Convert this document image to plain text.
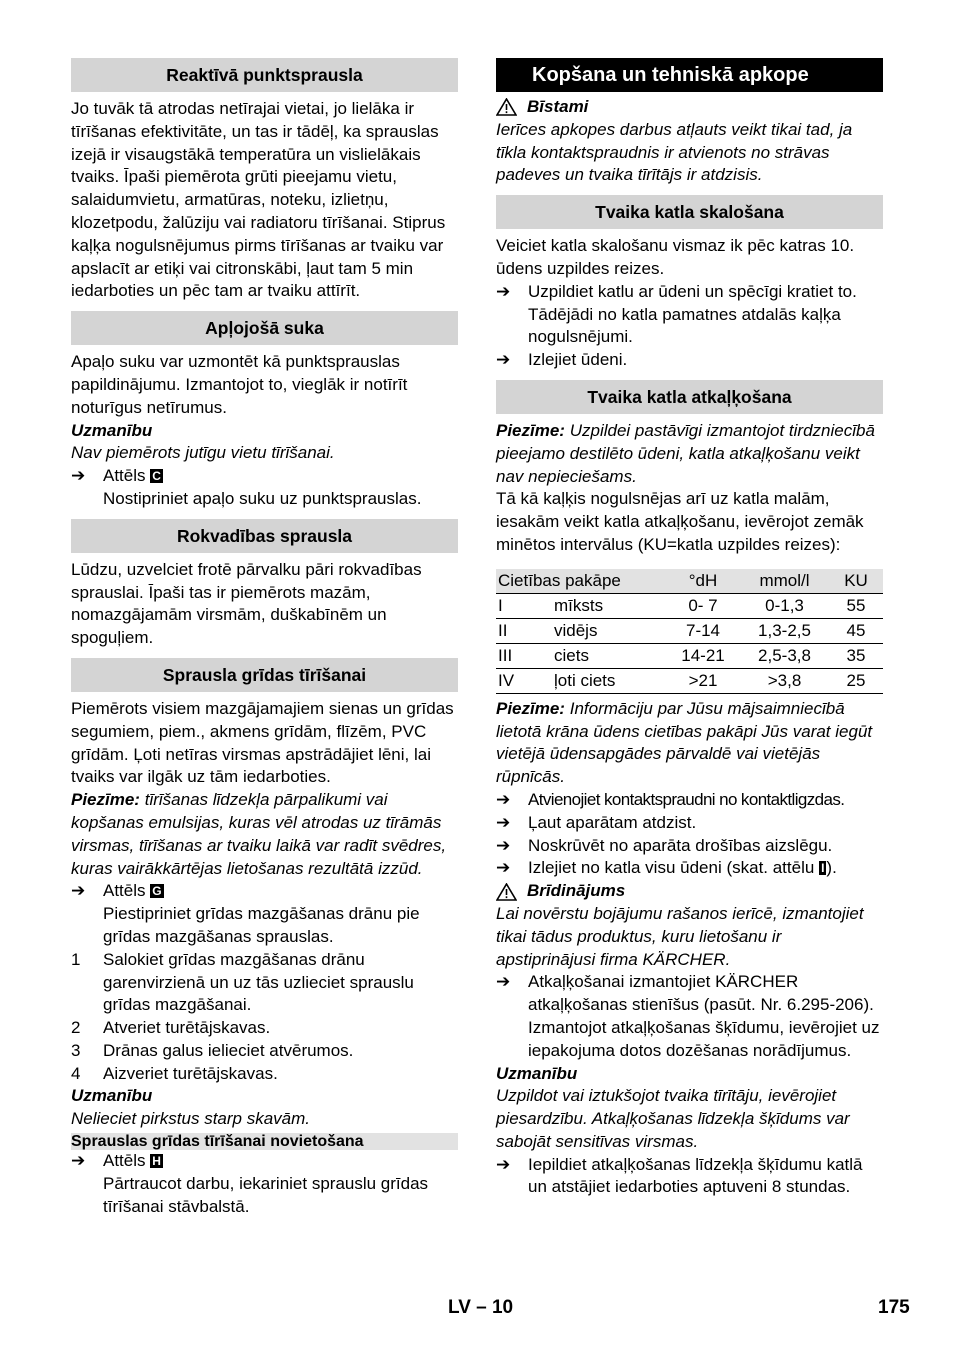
Reaktīvā punktsprausla

Jo tuvāk tā atrodas netīrajai vietai, jo lielāka ir tīrīšanas efektivitāte, un tas ir tādēļ, ka sprauslas izejā ir visaugstākā temperatūra un vislielākais tvaiks. Īpaši piemērota grūti pieejamu vietu, salaidumvietu, armatūras, noteku, izlietņu, klozetpodu, žalūziju vai radiatoru tīrīšanai. Stiprus kaļķa nogulsnējumus pirms tīrīšanas ar tvaiku var apslacīt ar etiķi vai citronskābi, ļaut tam 5 min iedarboties un pēc tam ar tvaiku attīrīt.

Apļojošā suka

Apaļo suku var uzmontēt kā punktsprauslas papildinājumu. Izmantojot to, vieglāk ir notīrīt noturīgus netīrumus.

Uzmanību

Nav piemērots jutīgu vietu tīrīšanai.

➔	Attēls C

Nostipriniet apaļo suku uz punktsprauslas.

Rokvadības sprausla

Lūdzu, uzvelciet frotē pārvalku pāri rokvadības sprauslai. Īpaši tas ir piemērots mazām, nomazgājamām virsmām, duškabīnēm un spoguļiem.

Sprausla grīdas tīrīšanai

Piemērots visiem mazgājamajiem sienas un grīdas segumiem, piem., akmens grīdām, flīzēm, PVC grīdām. Ļoti netīras virsmas apstrādājiet lēni, lai tvaiks var ilgāk uz tām iedarboties.

Piezīme: tīrīšanas līdzekļa pārpalikumi vai kopšanas emulsijas, kuras vēl atrodas uz tīrāmās virsmas, tīrīšanas ar tvaiku laikā var radīt svēdres, kuras vairākkārtējas lietošanas rezultātā izzūd.

➔	Attēls G

Piestipriniet grīdas mazgāšanas drānu pie grīdas mazgāšanas sprauslas.

1	Salokiet grīdas mazgāšanas drānu garenvirzienā un uz tās uzlieciet sprauslu grīdas mazgāšanai.
2	Atveriet turētājskavas.
3	Drānas galus ielieciet atvērumos.
4	Aizveriet turētājskavas.

Uzmanību

Nelieciet pirkstus starp skavām.

Sprauslas grīdas tīrīšanai novietošana
➔	Attēls H

Pārtraucot darbu, iekariniet sprauslu grīdas tīrīšanai stāvbalstā.

Kopšana un tehniskā apkope
Bīstami

Ierīces apkopes darbus atļauts veikt tikai tad, ja tīkla kontaktspraudnis ir atvienots no strāvas padeves un tvaika tīrītājs ir atdzisis.

Tvaika katla skalošana

Veiciet katla skalošanu vismaz ik pēc katras 10. ūdens uzpildes reizes.

➔	Uzpildiet katlu ar ūdeni un spēcīgi kratiet to. Tādējādi no katla pamatnes atdalās kaļķa nogulsnējumi.
➔	Izlejiet ūdeni.
Tvaika katla atkaļķošana

Piezīme: Uzpildei pastāvīgi izmantojot tirdzniecībā pieejamo destilēto ūdeni, katla atkaļķošanu veikt nav nepieciešams.

Tā kā kaļķis nogulsnējas arī uz katla malām, iesakām veikt katla atkaļķošanu, ievērojot zemāk minētos intervālus (KU=katla uzpildes reizes):

Cietības pakāpe		°dH	mmol/l	KU
I	mīksts	0- 7	0-1,3	55
II	vidējs	7-14	1,3-2,5	45
III	ciets	14-21	2,5-3,8	35
IV	ļoti ciets	>21	>3,8	25

Piezīme: Informāciju par Jūsu mājsaimniecībā lietotā krāna ūdens cietības pakāpi Jūs varat iegūt vietējā ūdensapgādes pārvaldē vai vietējās rūpnīcās.

➔	Atvienojiet kontaktspraudni no kontaktligzdas.
➔	Ļaut aparātam atdzist.
➔	Noskrūvēt no aparāta drošības aizslēgu.
➔	Izlejiet no katla visu ūdeni (skat. attēlu I ).
Brīdinājums

Lai novērstu bojājumu rašanos ierīcē, izmantojiet tikai tādus produktus, kuru lietošanu ir apstiprinājusi firma KÄRCHER.

➔	Atkaļķošanai izmantojiet KÄRCHER atkaļķošanas stienīšus (pasūt. Nr. 6.295-206). Izmantojot atkaļķošanas šķīdumu, ievērojiet uz iepakojuma dotos dozēšanas norādījumus.

Uzmanību

Uzpildot vai iztukšojot tvaika tīrītāju, ievērojiet piesardzību. Atkaļķošanas līdzekļa šķīdums var sabojāt sensitīvas virsmas.

➔	Iepildiet atkaļķošanas līdzekļa šķīdumu katlā un atstājiet iedarboties aptuveni 8 stundas.
LV – 10	175
